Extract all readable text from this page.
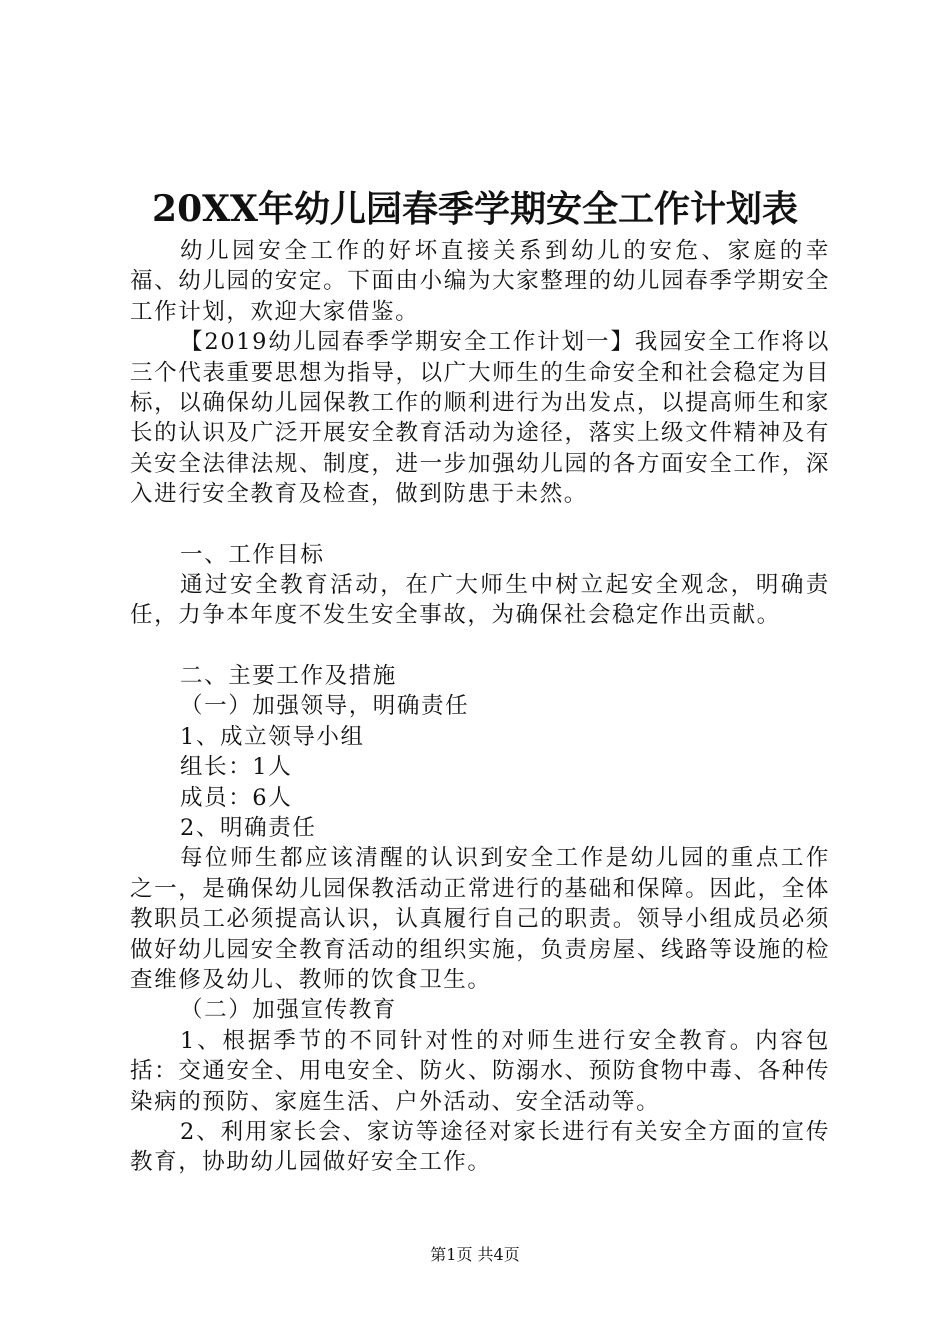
20XX年幼儿园春季学期安全工作计划表

幼儿园安全工作的好坏直接关系到幼儿的安危、家庭的幸福、幼儿园的安定。下面由小编为大家整理的幼儿园春季学期安全工作计划，欢迎大家借鉴。

【2019幼儿园春季学期安全工作计划一】我园安全工作将以三个代表重要思想为指导，以广大师生的生命安全和社会稳定为目标，以确保幼儿园保教工作的顺利进行为出发点，以提高师生和家长的认识及广泛开展安全教育活动为途径，落实上级文件精神及有关安全法律法规、制度，进一步加强幼儿园的各方面安全工作，深入进行安全教育及检查，做到防患于未然。

一、工作目标

通过安全教育活动，在广大师生中树立起安全观念，明确责任，力争本年度不发生安全事故，为确保社会稳定作出贡献。

二、主要工作及措施

（一）加强领导，明确责任

1、成立领导小组

组长：1人

成员：6人

2、明确责任

每位师生都应该清醒的认识到安全工作是幼儿园的重点工作之一，是确保幼儿园保教活动正常进行的基础和保障。因此，全体教职员工必须提高认识，认真履行自己的职责。领导小组成员必须做好幼儿园安全教育活动的组织实施，负责房屋、线路等设施的检查维修及幼儿、教师的饮食卫生。

（二）加强宣传教育

1、根据季节的不同针对性的对师生进行安全教育。内容包括：交通安全、用电安全、防火、防溺水、预防食物中毒、各种传染病的预防、家庭生活、户外活动、安全活动等。

2、利用家长会、家访等途径对家长进行有关安全方面的宣传教育，协助幼儿园做好安全工作。

第1页 共4页
